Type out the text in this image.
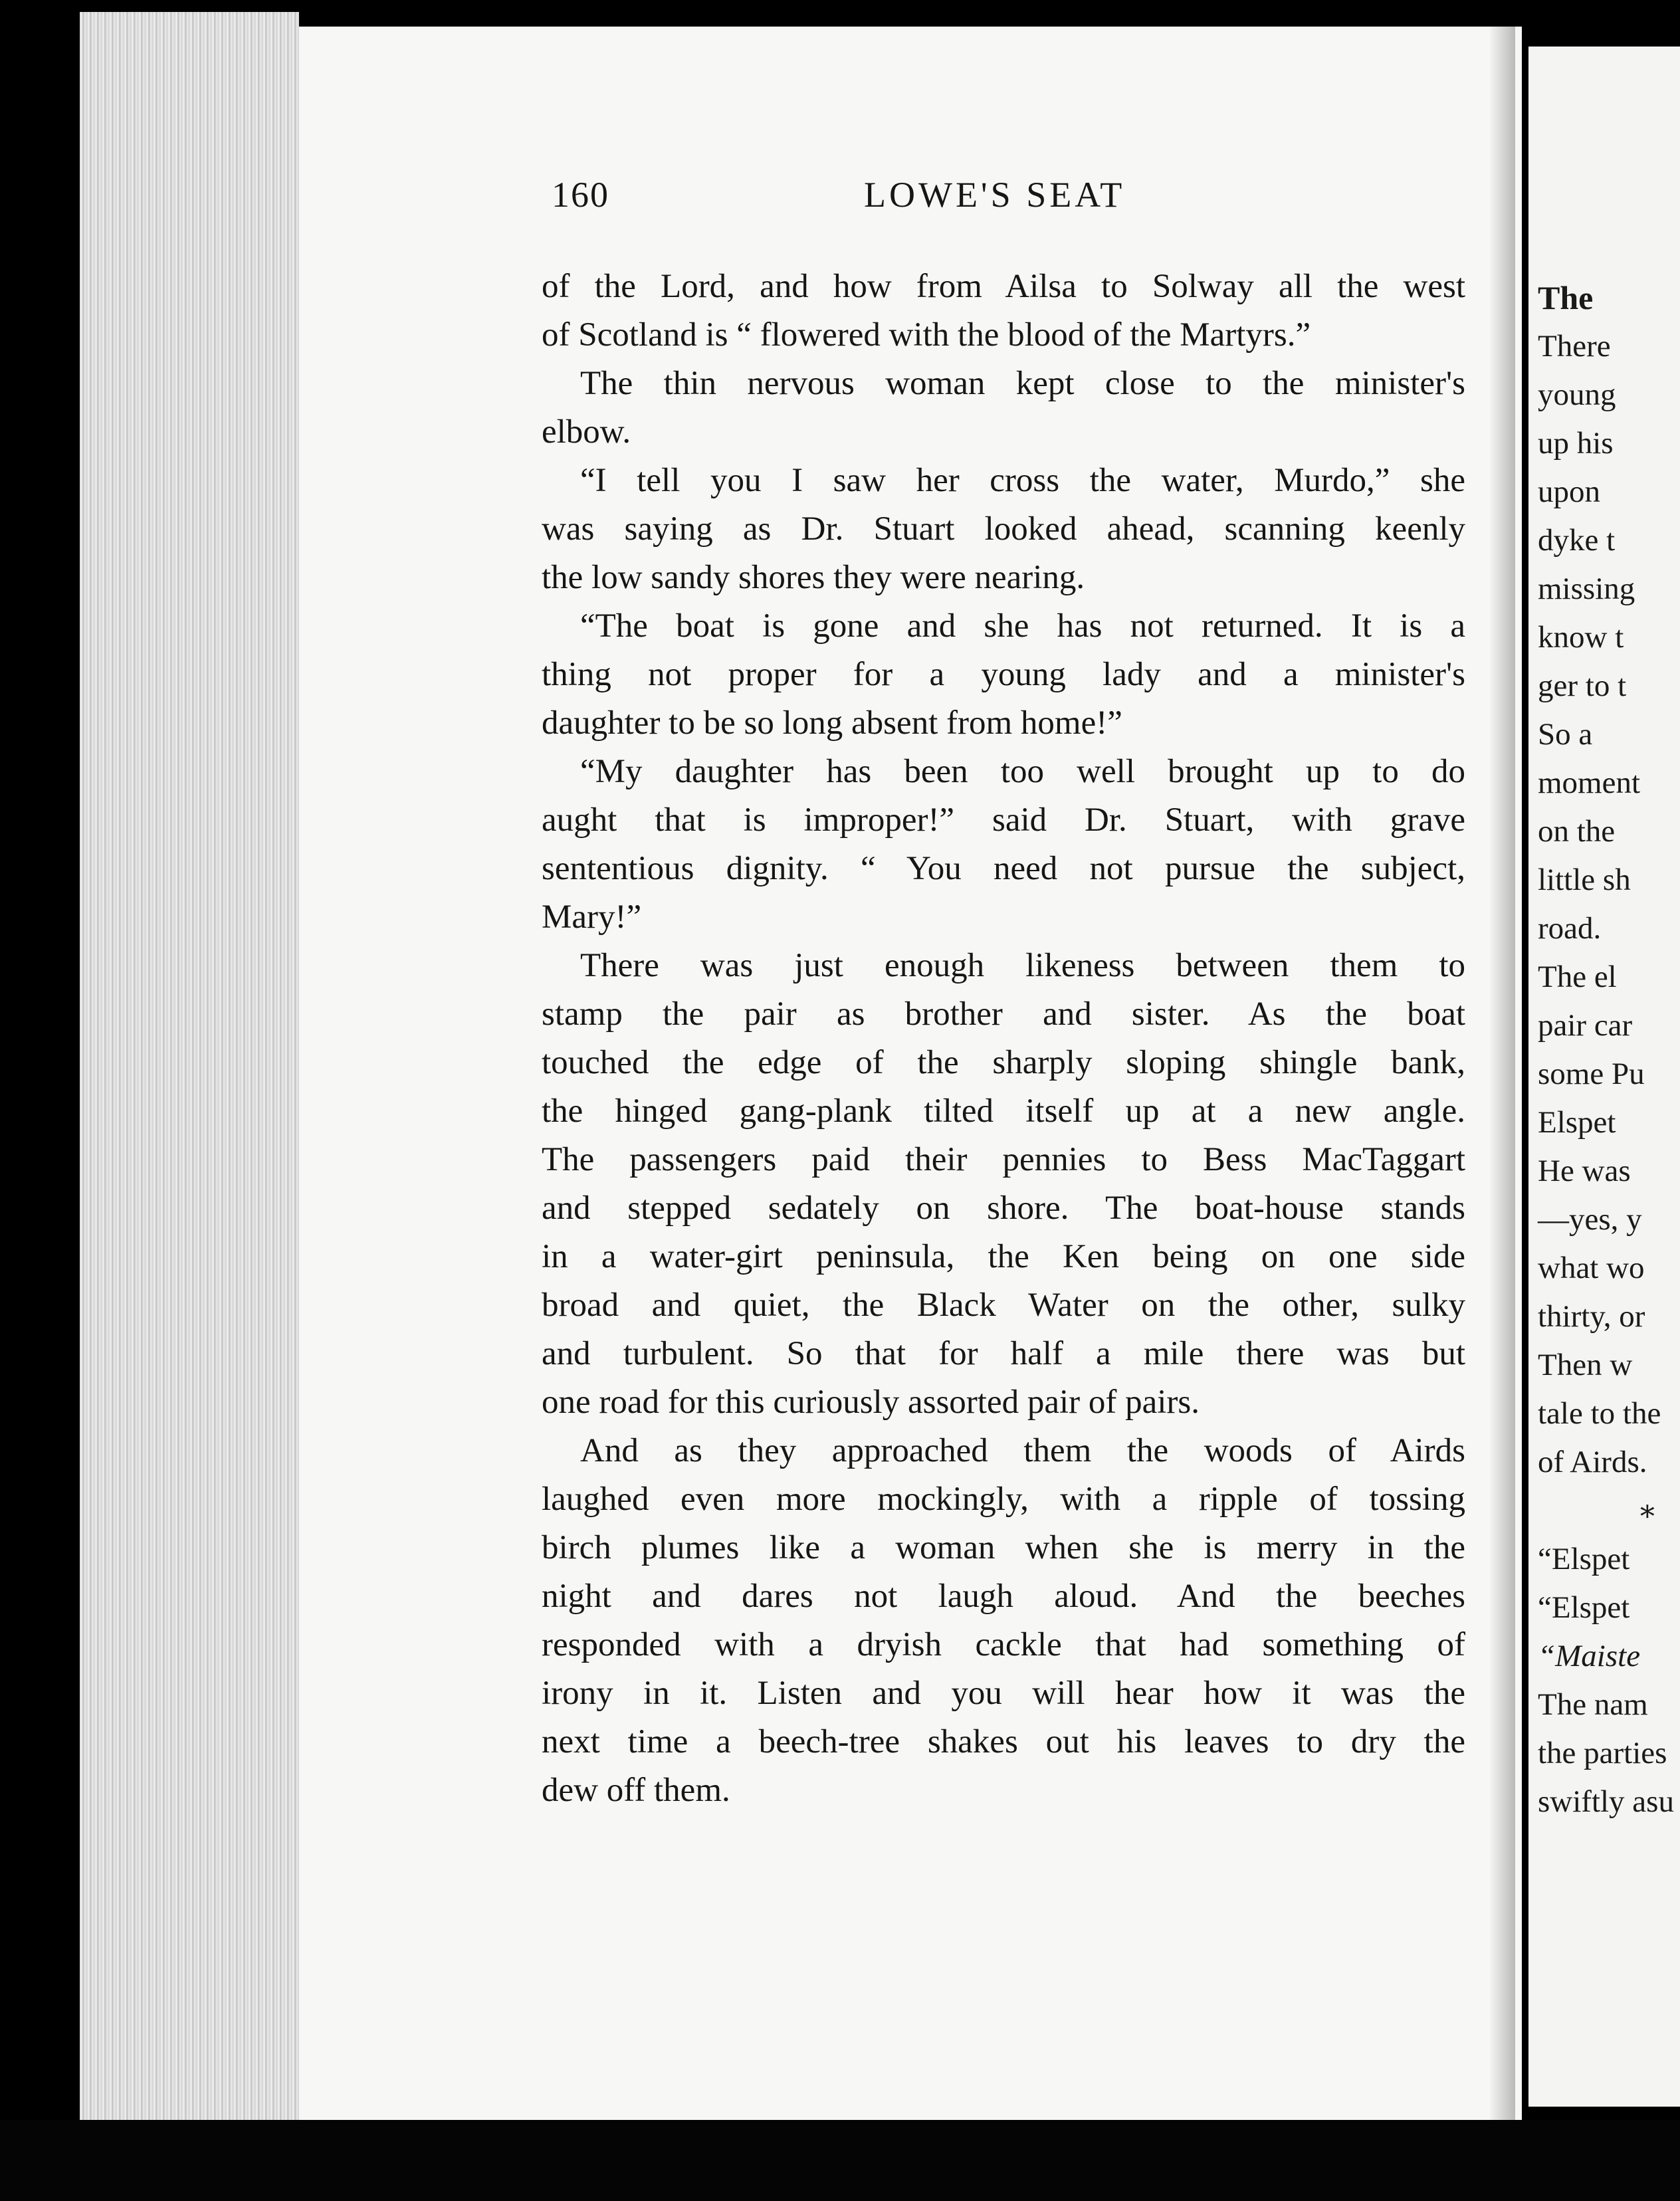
160	LOWE'S SEAT
of the Lord, and how from Ailsa to Solway all the west
of Scotland is “ flowered with the blood of the Martyrs.”
The thin nervous woman kept close to the minister's
elbow.
“I tell you I saw her cross the water, Murdo,” she
was saying as Dr. Stuart looked ahead, scanning keenly
the low sandy shores they were nearing.
“The boat is gone and she has not returned. It is a
thing not proper for a young lady and a minister's
daughter to be so long absent from home!”
“My daughter has been too well brought up to do
aught that is improper!” said Dr. Stuart, with grave
sententious dignity. “ You need not pursue the subject,
Mary!”
There was just enough likeness between them to
stamp the pair as brother and sister. As the boat
touched the edge of the sharply sloping shingle bank,
the hinged gang-plank tilted itself up at a new angle.
The passengers paid their pennies to Bess MacTaggart
and stepped sedately on shore. The boat-house stands
in a water-girt peninsula, the Ken being on one side
broad and quiet, the Black Water on the other, sulky
and turbulent. So that for half a mile there was but
one road for this curiously assorted pair of pairs.
And as they approached them the woods of Airds
laughed even more mockingly, with a ripple of tossing
birch plumes like a woman when she is merry in the
night and dares not laugh aloud. And the beeches
responded with a dryish cackle that had something of
irony in it. Listen and you will hear how it was the
next time a beech-tree shakes out his leaves to dry the
dew off them.
The
There
young
up his
upon
dyke t
missing
know t
ger to t
So a
moment
on the
little sh
road.
The el
pair car
some Pu
Elspet
He was
—yes, y
what wo
thirty, or
Then w
tale to the
of Airds.
∗
“Elspet
“Elspet
“Maiste
The nam
the parties
swiftly asu
